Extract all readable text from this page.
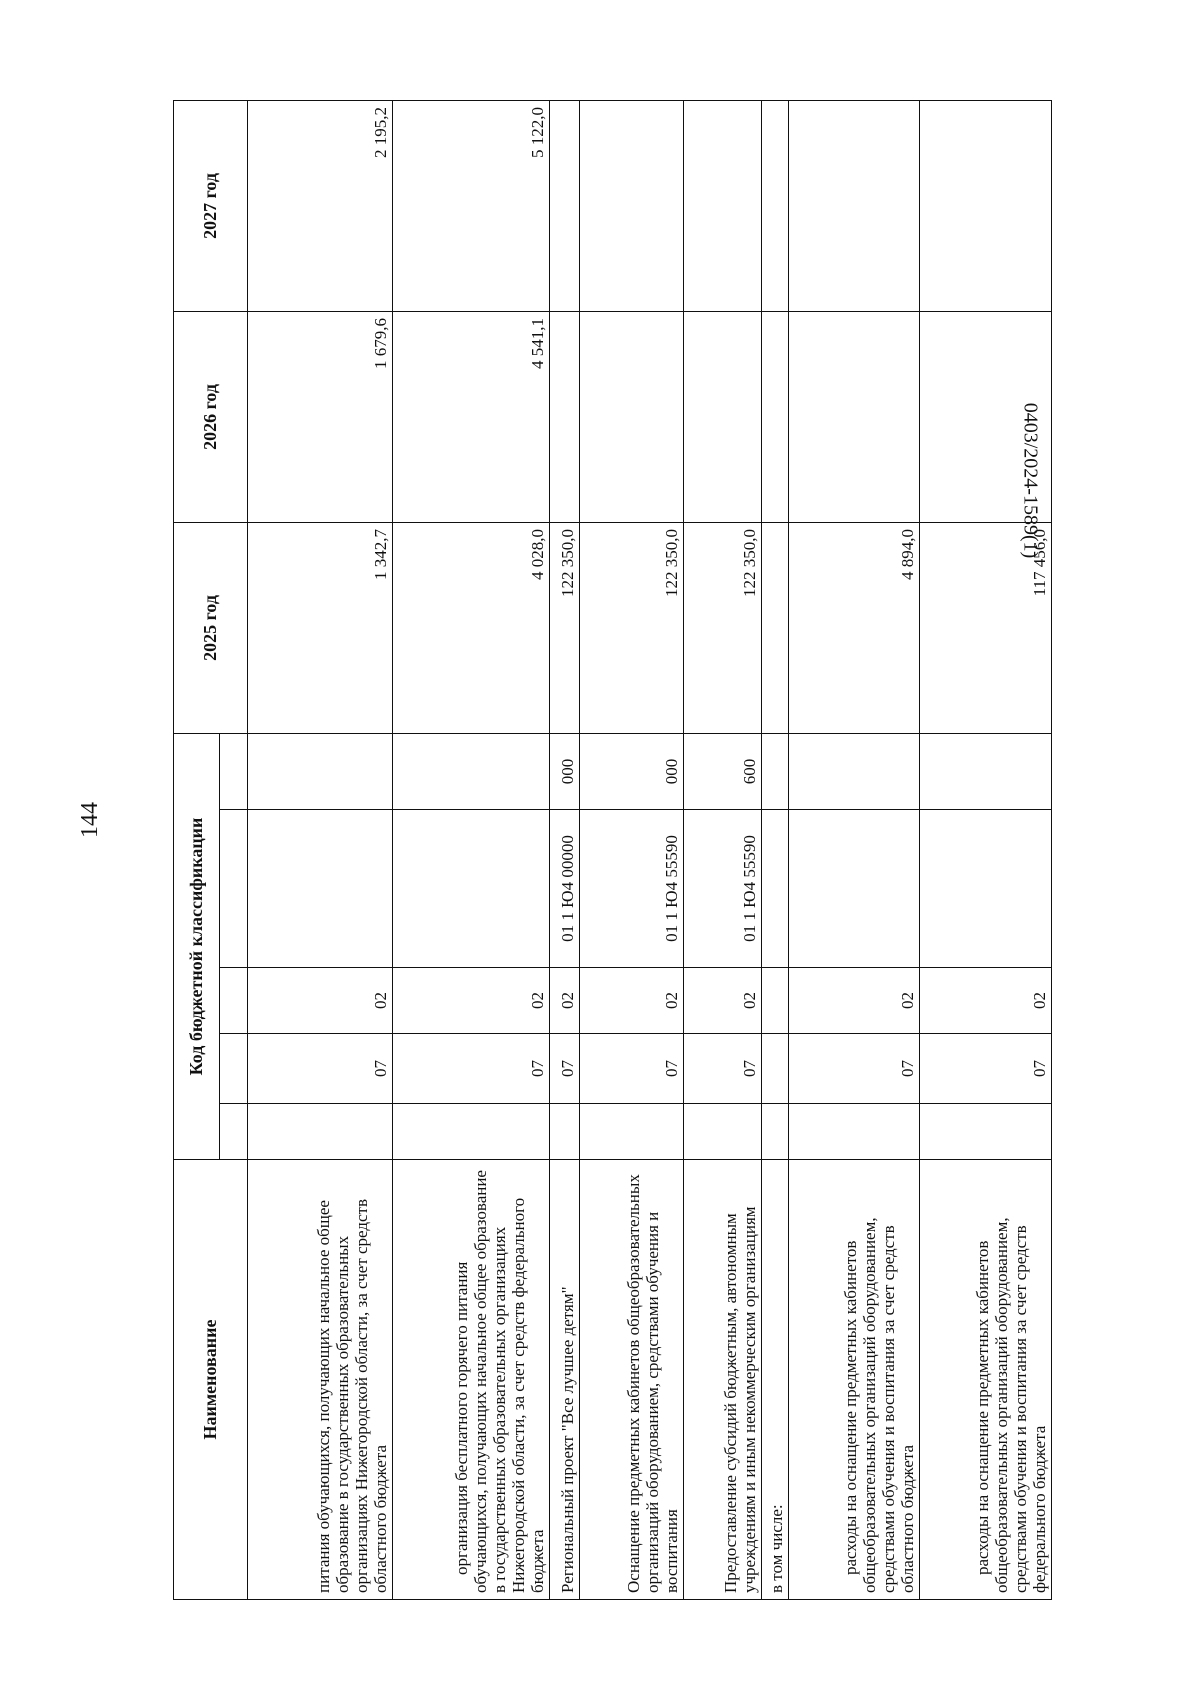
144
0403/2024-1589(1)
Наименование	Код бюджетной классификации					2025 год	2026 год	2027 год

питания обучающихся, получающих начальное общее образование в государственных образовательных организациях Нижегородской области, за счет средств областного бюджета		07	02			1 342,7	1 679,6	2 195,2
организация бесплатного горячего питания обучающихся, получающих начальное общее образование в государственных образовательных организациях Нижегородской области, за счет средств федерального бюджета		07	02			4 028,0	4 541,1	5 122,0
Региональный проект "Все лучшее детям"		07	02	01 1 Ю4 00000	000	122 350,0		
Оснащение предметных кабинетов общеобразовательных организаций оборудованием, средствами обучения и воспитания		07	02	01 1 Ю4 55590	000	122 350,0		
Предоставление субсидий бюджетным, автономным учреждениям и иным некоммерческим организациям		07	02	01 1 Ю4 55590	600	122 350,0		
в том числе:								
расходы на оснащение предметных кабинетов общеобразовательных организаций оборудованием, средствами обучения и воспитания за счет средств областного бюджета		07	02			4 894,0		
расходы на оснащение предметных кабинетов общеобразовательных организаций оборудованием, средствами обучения и воспитания за счет средств федерального бюджета		07	02			117 456,0		
